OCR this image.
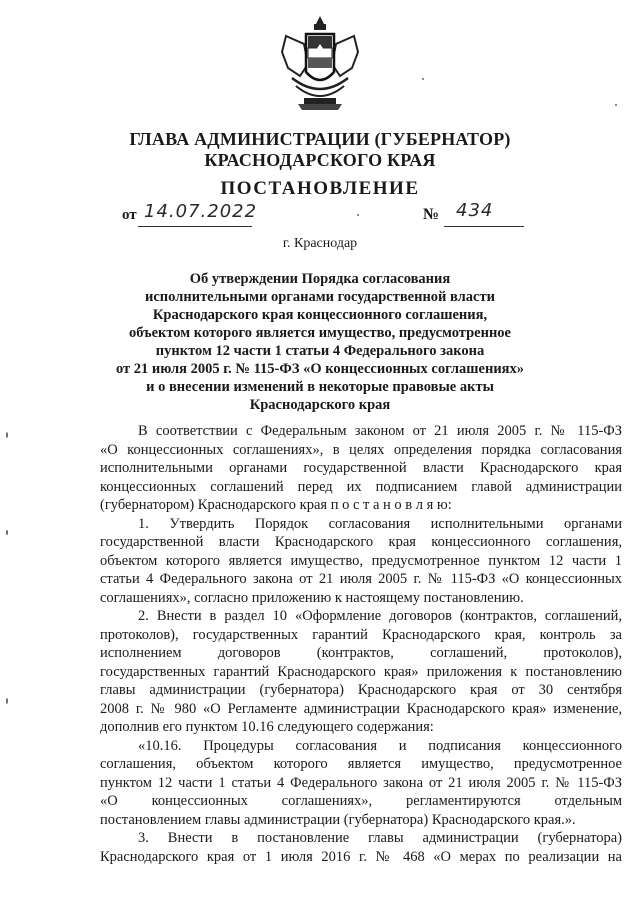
ГЛАВА АДМИНИСТРАЦИИ (ГУБЕРНАТОР)
КРАСНОДАРСКОГО КРАЯ
ПОСТАНОВЛЕНИЕ
от 14.07.2022	№ 434
г. Краснодар
Об утверждении Порядка согласования
исполнительными органами государственной власти
Краснодарского края концессионного соглашения,
объектом которого является имущество, предусмотренное
пунктом 12 части 1 статьи 4 Федерального закона
от 21 июля 2005 г. № 115-ФЗ «О концессионных соглашениях»
и о внесении изменений в некоторые правовые акты
Краснодарского края
В соответствии с Федеральным законом от 21 июля 2005 г. № 115-ФЗ
«О концессионных соглашениях», в целях определения порядка согласования
исполнительными органами государственной власти Краснодарского края
концессионных соглашений перед их подписанием главой администрации
(губернатором) Краснодарского края п о с т а н о в л я ю:
1. Утвердить Порядок согласования исполнительными органами
государственной власти Краснодарского края концессионного соглашения,
объектом которого является имущество, предусмотренное пунктом 12 части 1
статьи 4 Федерального закона от 21 июля 2005 г. № 115-ФЗ «О концессионных
соглашениях», согласно приложению к настоящему постановлению.
2. Внести в раздел 10 «Оформление договоров (контрактов, соглашений,
протоколов), государственных гарантий Краснодарского края, контроль за
исполнением договоров (контрактов, соглашений, протоколов),
государственных гарантий Краснодарского края» приложения к постановлению
главы администрации (губернатора) Краснодарского края от 30 сентября
2008 г. № 980 «О Регламенте администрации Краснодарского края» изменение,
дополнив его пунктом 10.16 следующего содержания:
«10.16. Процедуры согласования и подписания концессионного
соглашения, объектом которого является имущество, предусмотренное
пунктом 12 части 1 статьи 4 Федерального закона от 21 июля 2005 г. № 115-ФЗ
«О концессионных соглашениях», регламентируются отдельным
постановлением главы администрации (губернатора) Краснодарского края.».
3. Внести в постановление главы администрации (губернатора)
Краснодарского края от 1 июля 2016 г. № 468 «О мерах по реализации на
